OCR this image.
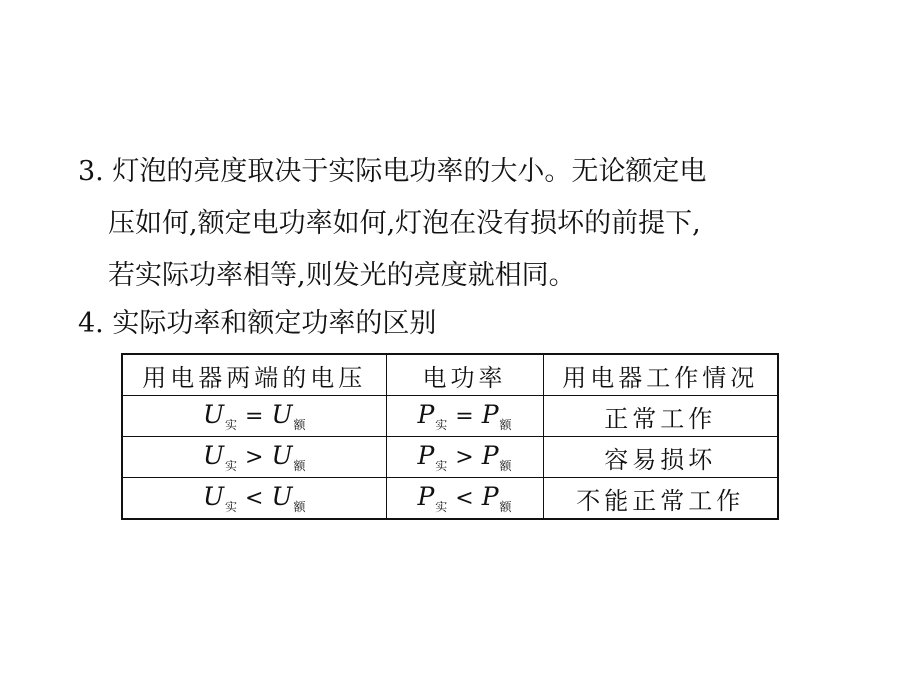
3. 灯泡的亮度取决于实际电功率的大小。无论额定电
压如何,额定电功率如何,灯泡在没有损坏的前提下,
若实际功率相等,则发光的亮度就相同。
4. 实际功率和额定功率的区别
用电器两端的电压	电功率	用电器工作情况
$U_实 = U_额$	$P_实 = P_额$	正常工作
$U_实 > U_额$	$P_实 > P_额$	容易损坏
$U_实 < U_额$	$P_实 < P_额$	不能正常工作
